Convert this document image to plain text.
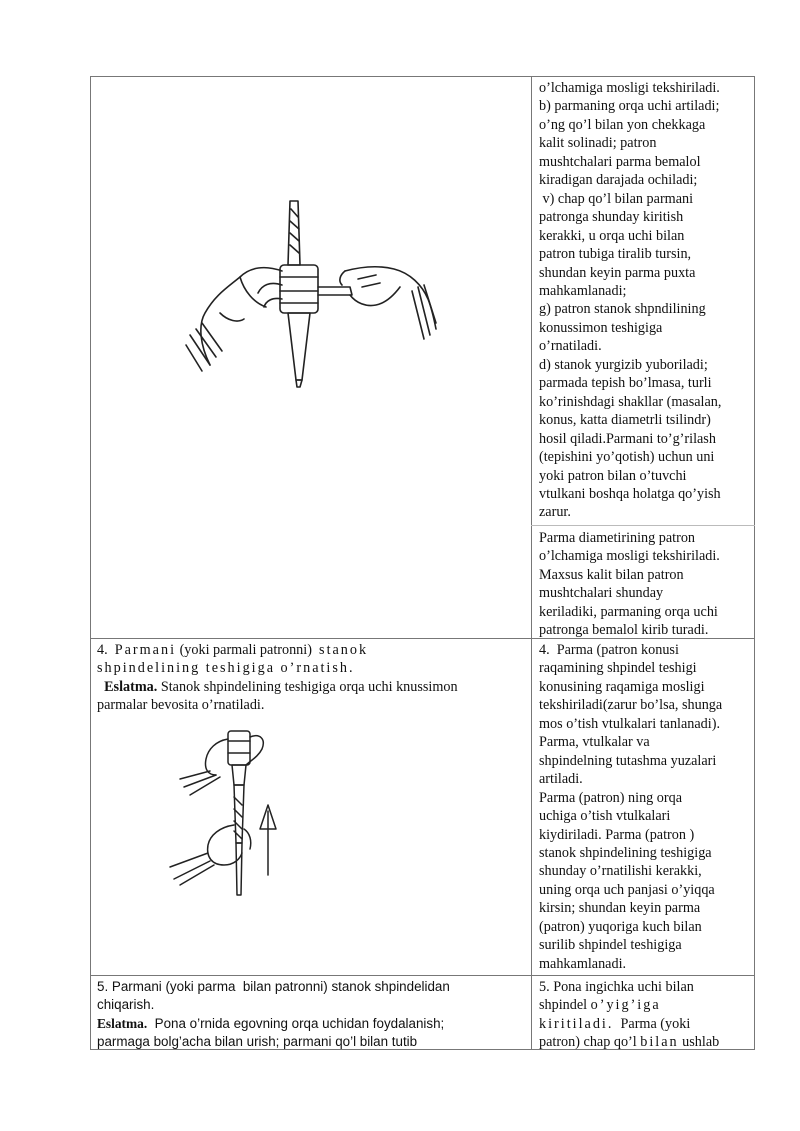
o’lchamiga mosligi tekshiriladi.
b) parmaning orqa uchi artiladi;
o’ng qo’l bilan yon chekkaga
kalit solinadi; patron
mushtchalari parma bemalol
kiradigan darajada ochiladi;
v) chap qo’l bilan parmani
patronga shunday kiritish
kerakki, u orqa uchi bilan
patron tubiga tiralib tursin,
shundan keyin parma puxta
mahkamlanadi;
g) patron stanok shpndilining
konussimon teshigiga
o’rnatiladi.
d) stanok yurgizib yuboriladi;
parmada tepish bo’lmasa, turli
ko’rinishdagi shakllar (masalan,
konus, katta diametrli tsilindr)
hosil qiladi.Parmani to’g’rilash
(tepishini yo’qotish) uchun uni
yoki patron bilan o’tuvchi
vtulkani boshqa holatga qo’yish
zarur.
Parma diametirining patron
o’lchamiga mosligi tekshiriladi.
Maxsus kalit bilan patron
mushtchalari shunday
keriladiki, parmaning orqa uchi
patronga bemalol kirib turadi.
4. Parmani (yoki parmali patronni) stanok
shpindelining teshigiga o’rnatish.
Eslatma. Stanok shpindelining teshigiga orqa uchi knussimon
parmalar bevosita o’rnatiladi.
4.  Parma (patron konusi
raqamining shpindel teshigi
konusining raqamiga mosligi
tekshiriladi(zarur bo’lsa, shunga
mos o’tish vtulkalari tanlanadi).
Parma, vtulkalar va
shpindelning tutashma yuzalari
artiladi.
Parma (patron) ning orqa
uchiga o’tish vtulkalari
kiydiriladi. Parma (patron )
stanok shpindelining teshigiga
shunday o’rnatilishi kerakki,
uning orqa uch panjasi o’yiqqa
kirsin; shundan keyin parma
(patron) yuqoriga kuch bilan
surilib shpindel teshigiga
mahkamlanadi.
5. Parmani (yoki parma  bilan patronni) stanok shpindelidan
chiqarish.
Eslatma.  Pona o’rnida egovning orqa uchidan foydalanish;
parmaga bolg’acha bilan urish; parmani qo’l bilan tutib
5. Pona ingichka uchi bilan
shpindel o’yig’iga
kiritiladi.  Parma (yoki
patron) chap qo’l bilan ushlab
